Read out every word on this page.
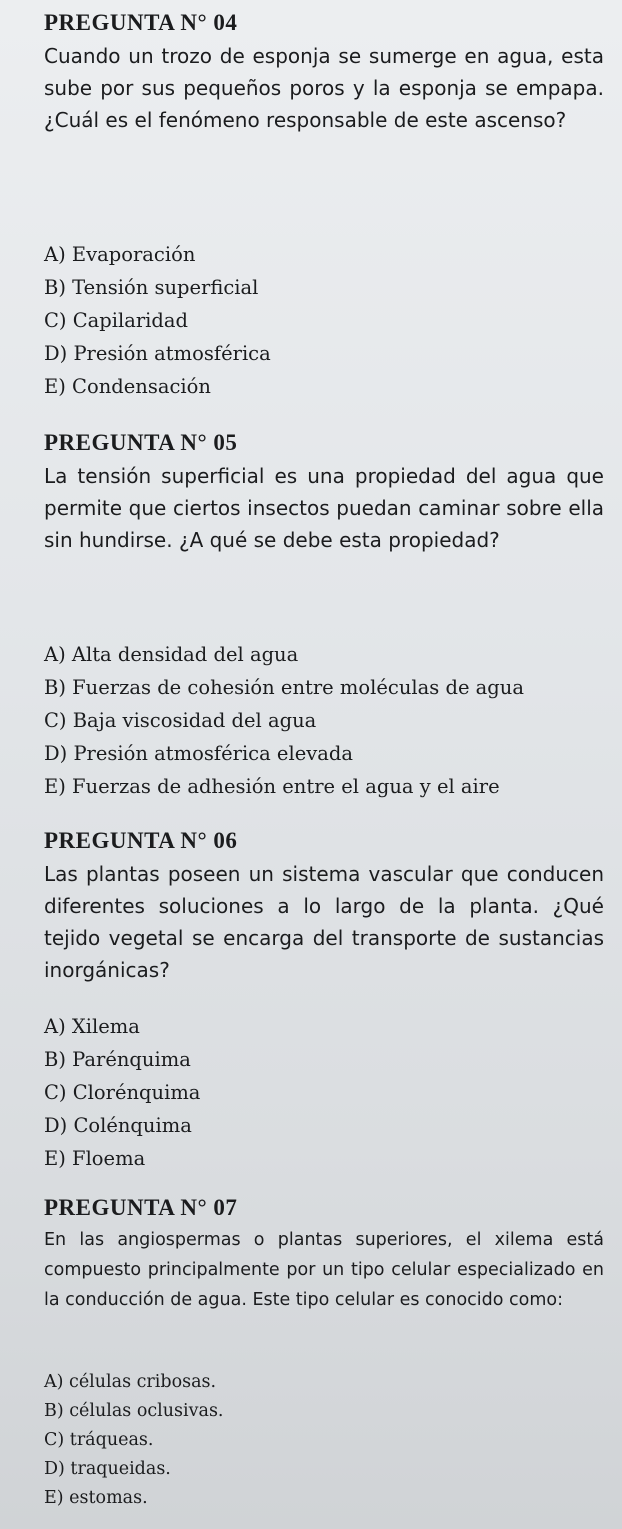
PREGUNTA N° 04

Cuando un trozo de esponja se sumerge en agua, esta sube por sus pequeños poros y la esponja se empapa. ¿Cuál es el fenómeno responsable de este ascenso?

A) Evaporación
B) Tensión superficial
C) Capilaridad
D) Presión atmosférica
E) Condensación
PREGUNTA N° 05

La tensión superficial es una propiedad del agua que permite que ciertos insectos puedan caminar sobre ella sin hundirse. ¿A qué se debe esta propiedad?

A) Alta densidad del agua
B) Fuerzas de cohesión entre moléculas de agua
C) Baja viscosidad del agua
D) Presión atmosférica elevada
E) Fuerzas de adhesión entre el agua y el aire
PREGUNTA N° 06

Las plantas poseen un sistema vascular que conducen diferentes soluciones a lo largo de la planta. ¿Qué tejido vegetal se encarga del transporte de sustancias inorgánicas?

A) Xilema
B) Parénquima
C) Clorénquima
D) Colénquima
E) Floema
PREGUNTA N° 07

En las angiospermas o plantas superiores, el xilema está compuesto principalmente por un tipo celular especializado en la conducción de agua. Este tipo celular es conocido como:

A) células cribosas.
B) células oclusivas.
C) tráqueas.
D) traqueidas.
E) estomas.
